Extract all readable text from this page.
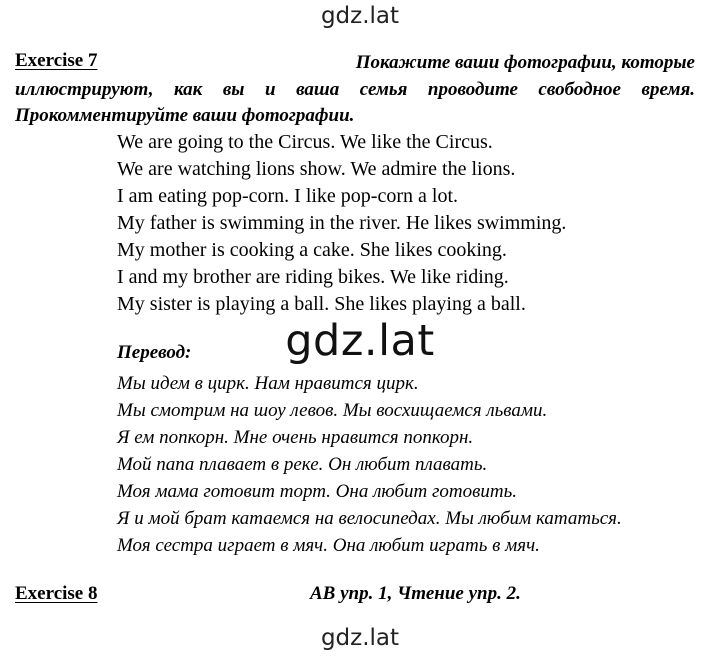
gdz.lat
Exercise 7	Покажите ваши фотографии, которые
иллюстрируют, как вы и ваша семья проводите свободное время.
Прокомментируйте ваши фотографии.
We are going to the Circus. We like the Circus.
We are watching lions show. We admire the lions.
I am eating pop-corn. I like pop-corn a lot.
My father is swimming in the river. He likes swimming.
My mother is cooking a cake. She likes cooking.
I and my brother are riding bikes. We like riding.
My sister is playing a ball. She likes playing a ball.
gdz.lat
Перевод:
Мы идем в цирк. Нам нравится цирк.
Мы смотрим на шоу левов. Мы восхищаемся львами.
Я ем попкорн. Мне очень нравится попкорн.
Мой папа плавает в реке. Он любит плавать.
Моя мама готовит торт. Она любит готовить.
Я и мой брат катаемся на велосипедах. Мы любим кататься.
Моя сестра играет в мяч. Она любит играть в мяч.
Exercise 8	AB упр. 1, Чтение упр. 2.
gdz.lat
